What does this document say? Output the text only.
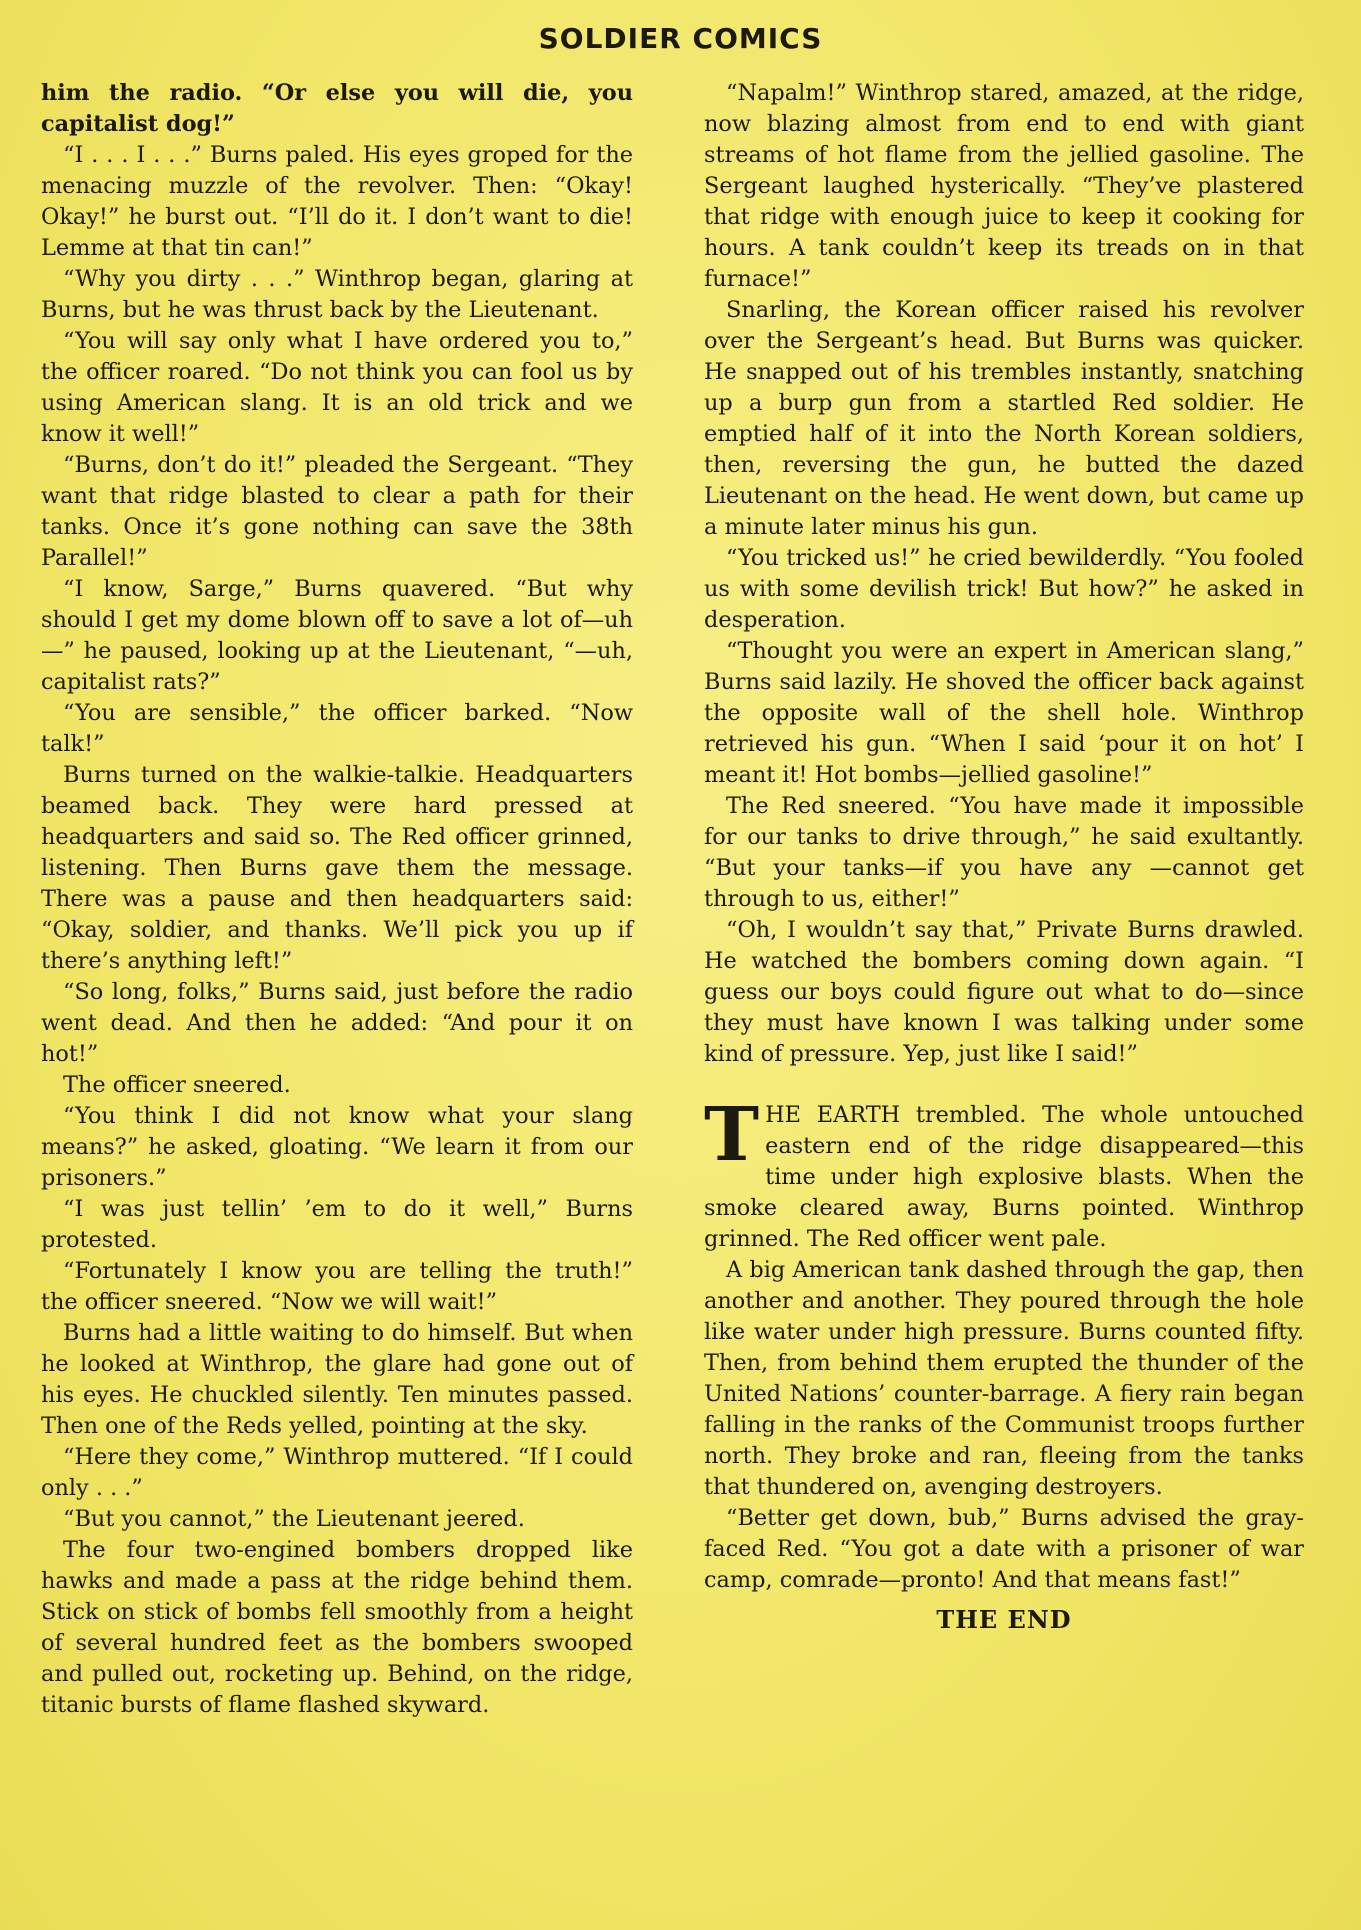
SOLDIER COMICS

him the radio. “Or else you will die, you capitalist dog!”

“I . . . I . . .” Burns paled. His eyes groped for the menacing muzzle of the revolver. Then: “Okay! Okay!” he burst out. “I’ll do it. I don’t want to die! Lemme at that tin can!”

“Why you dirty . . .” Winthrop began, glaring at Burns, but he was thrust back by the Lieutenant.

“You will say only what I have ordered you to,” the officer roared. “Do not think you can fool us by using American slang. It is an old trick and we know it well!”

“Burns, don’t do it!” pleaded the Sergeant. “They want that ridge blasted to clear a path for their tanks. Once it’s gone nothing can save the 38th Parallel!”

“I know, Sarge,” Burns quavered. “But why should I get my dome blown off to save a lot of—uh—” he paused, looking up at the Lieutenant, “—uh, capitalist rats?”

“You are sensible,” the officer barked. “Now talk!”

Burns turned on the walkie-talkie. Headquarters beamed back. They were hard pressed at headquarters and said so. The Red officer grinned, listening. Then Burns gave them the message. There was a pause and then headquarters said: “Okay, soldier, and thanks. We’ll pick you up if there’s anything left!”

“So long, folks,” Burns said, just before the radio went dead. And then he added: “And pour it on hot!”

The officer sneered.

“You think I did not know what your slang means?” he asked, gloating. “We learn it from our prisoners.”

“I was just tellin’ ’em to do it well,” Burns protested.

“Fortunately I know you are telling the truth!” the officer sneered. “Now we will wait!”

Burns had a little waiting to do himself. But when he looked at Winthrop, the glare had gone out of his eyes. He chuckled silently. Ten minutes passed. Then one of the Reds yelled, pointing at the sky.

“Here they come,” Winthrop muttered. “If I could only . . .”

“But you cannot,” the Lieutenant jeered.

The four two-engined bombers dropped like hawks and made a pass at the ridge behind them. Stick on stick of bombs fell smoothly from a height of several hundred feet as the bombers swooped and pulled out, rocketing up. Behind, on the ridge, titanic bursts of flame flashed skyward.

“Napalm!” Winthrop stared, amazed, at the ridge, now blazing almost from end to end with giant streams of hot flame from the jellied gasoline. The Sergeant laughed hysterically. “They’ve plastered that ridge with enough juice to keep it cooking for hours. A tank couldn’t keep its treads on in that furnace!”

Snarling, the Korean officer raised his revolver over the Sergeant’s head. But Burns was quicker. He snapped out of his trembles instantly, snatching up a burp gun from a startled Red soldier. He emptied half of it into the North Korean soldiers, then, reversing the gun, he butted the dazed Lieutenant on the head. He went down, but came up a minute later minus his gun.

“You tricked us!” he cried bewilderdly. “You fooled us with some devilish trick! But how?” he asked in desperation.

“Thought you were an expert in American slang,” Burns said lazily. He shoved the officer back against the opposite wall of the shell hole. Winthrop retrieved his gun. “When I said ‘pour it on hot’ I meant it! Hot bombs—jellied gasoline!”

The Red sneered. “You have made it impossible for our tanks to drive through,” he said exultantly. “But your tanks—if you have any —cannot get through to us, either!”

“Oh, I wouldn’t say that,” Private Burns drawled. He watched the bombers coming down again. “I guess our boys could figure out what to do—since they must have known I was talking under some kind of pressure. Yep, just like I said!”

THE EARTH trembled. The whole untouched eastern end of the ridge disappeared—this time under high explosive blasts. When the smoke cleared away, Burns pointed. Winthrop grinned. The Red officer went pale.

A big American tank dashed through the gap, then another and another. They poured through the hole like water under high pressure. Burns counted fifty. Then, from behind them erupted the thunder of the United Nations’ counter-barrage. A fiery rain began falling in the ranks of the Communist troops further north. They broke and ran, fleeing from the tanks that thundered on, avenging destroyers.

“Better get down, bub,” Burns advised the gray-faced Red. “You got a date with a prisoner of war camp, comrade—pronto! And that means fast!”

THE END
